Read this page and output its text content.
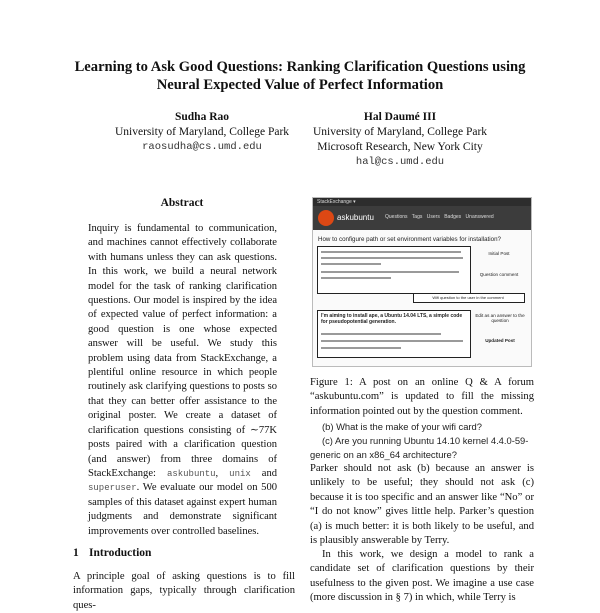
Learning to Ask Good Questions: Ranking Clarification Questions using
Neural Expected Value of Perfect Information
Sudha Rao
University of Maryland, College Park
raosudha@cs.umd.edu
Hal Daumé III
University of Maryland, College Park
Microsoft Research, New York City
hal@cs.umd.edu
Abstract
Inquiry is fundamental to communication, and machines cannot effectively collaborate with humans unless they can ask questions. In this work, we build a neural network model for the task of ranking clarification questions. Our model is inspired by the idea of expected value of perfect information: a good question is one whose expected answer will be useful. We study this problem using data from StackExchange, a plentiful online resource in which people routinely ask clarifying questions to posts so that they can better offer assistance to the original poster. We create a dataset of clarification questions consisting of ∼77K posts paired with a clarification question (and answer) from three domains of StackExchange: askubuntu, unix and superuser. We evaluate our model on 500 samples of this dataset against expert human judgments and demonstrate significant improvements over controlled baselines.
1 Introduction
A principle goal of asking questions is to fill information gaps, typically through clarification ques-
StackExchange ▾
askubuntu Questions Tags Users Badges Unanswered
How to configure path or set environment variables for installation?
Initial Post
Question comment
Wifi question to the user in the comment
I'm aiming to install ape, a Ubuntu 14.04 LTS, a simple code for pseudopotential generation.
Edit as an answer to the question
Updated Post
Figure 1: A post on an online Q & A forum “askubuntu.com” is updated to fill the missing information pointed out by the question comment.
(b) What is the make of your wifi card?
(c) Are you running Ubuntu 14.10 kernel 4.4.0-59-generic on an x86_64 architecture?
Parker should not ask (b) because an answer is unlikely to be useful; they should not ask (c) because it is too specific and an answer like “No” or “I do not know” gives little help. Parker’s question (a) is much better: it is both likely to be useful, and is plausibly answerable by Terry.
In this work, we design a model to rank a candidate set of clarification questions by their usefulness to the given post. We imagine a use case (more discussion in § 7) in which, while Terry is
